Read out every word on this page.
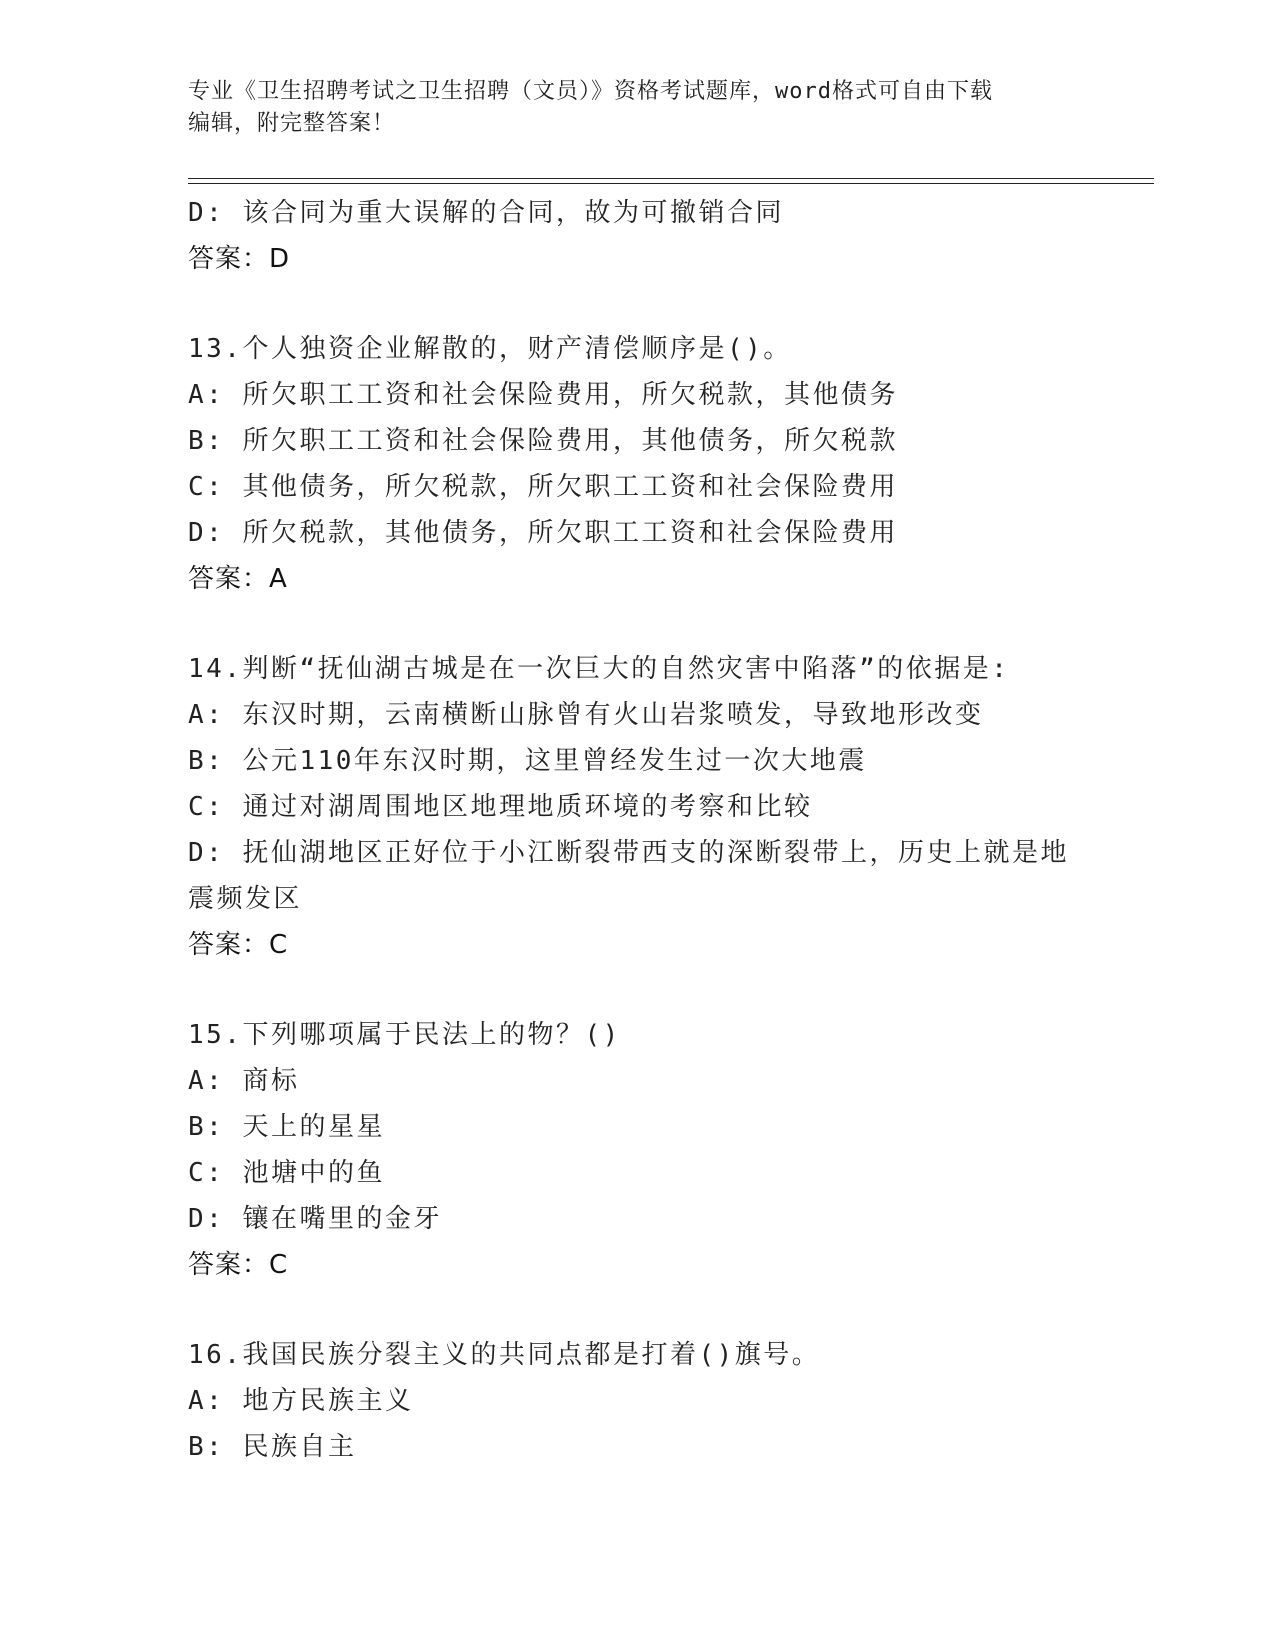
专业《卫生招聘考试之卫生招聘（文员）》资格考试题库，word格式可自由下载
编辑，附完整答案！
D: 该合同为重大误解的合同，故为可撤销合同
答案：D
13.个人独资企业解散的，财产清偿顺序是()。
A: 所欠职工工资和社会保险费用，所欠税款，其他债务
B: 所欠职工工资和社会保险费用，其他债务，所欠税款
C: 其他债务，所欠税款，所欠职工工资和社会保险费用
D: 所欠税款，其他债务，所欠职工工资和社会保险费用
答案：A
14.判断“抚仙湖古城是在一次巨大的自然灾害中陷落”的依据是:
A: 东汉时期，云南横断山脉曾有火山岩浆喷发，导致地形改变
B: 公元110年东汉时期，这里曾经发生过一次大地震
C: 通过对湖周围地区地理地质环境的考察和比较
D: 抚仙湖地区正好位于小江断裂带西支的深断裂带上，历史上就是地
震频发区
答案：C
15.下列哪项属于民法上的物？()
A: 商标
B: 天上的星星
C: 池塘中的鱼
D: 镶在嘴里的金牙
答案：C
16.我国民族分裂主义的共同点都是打着()旗号。
A: 地方民族主义
B: 民族自主
